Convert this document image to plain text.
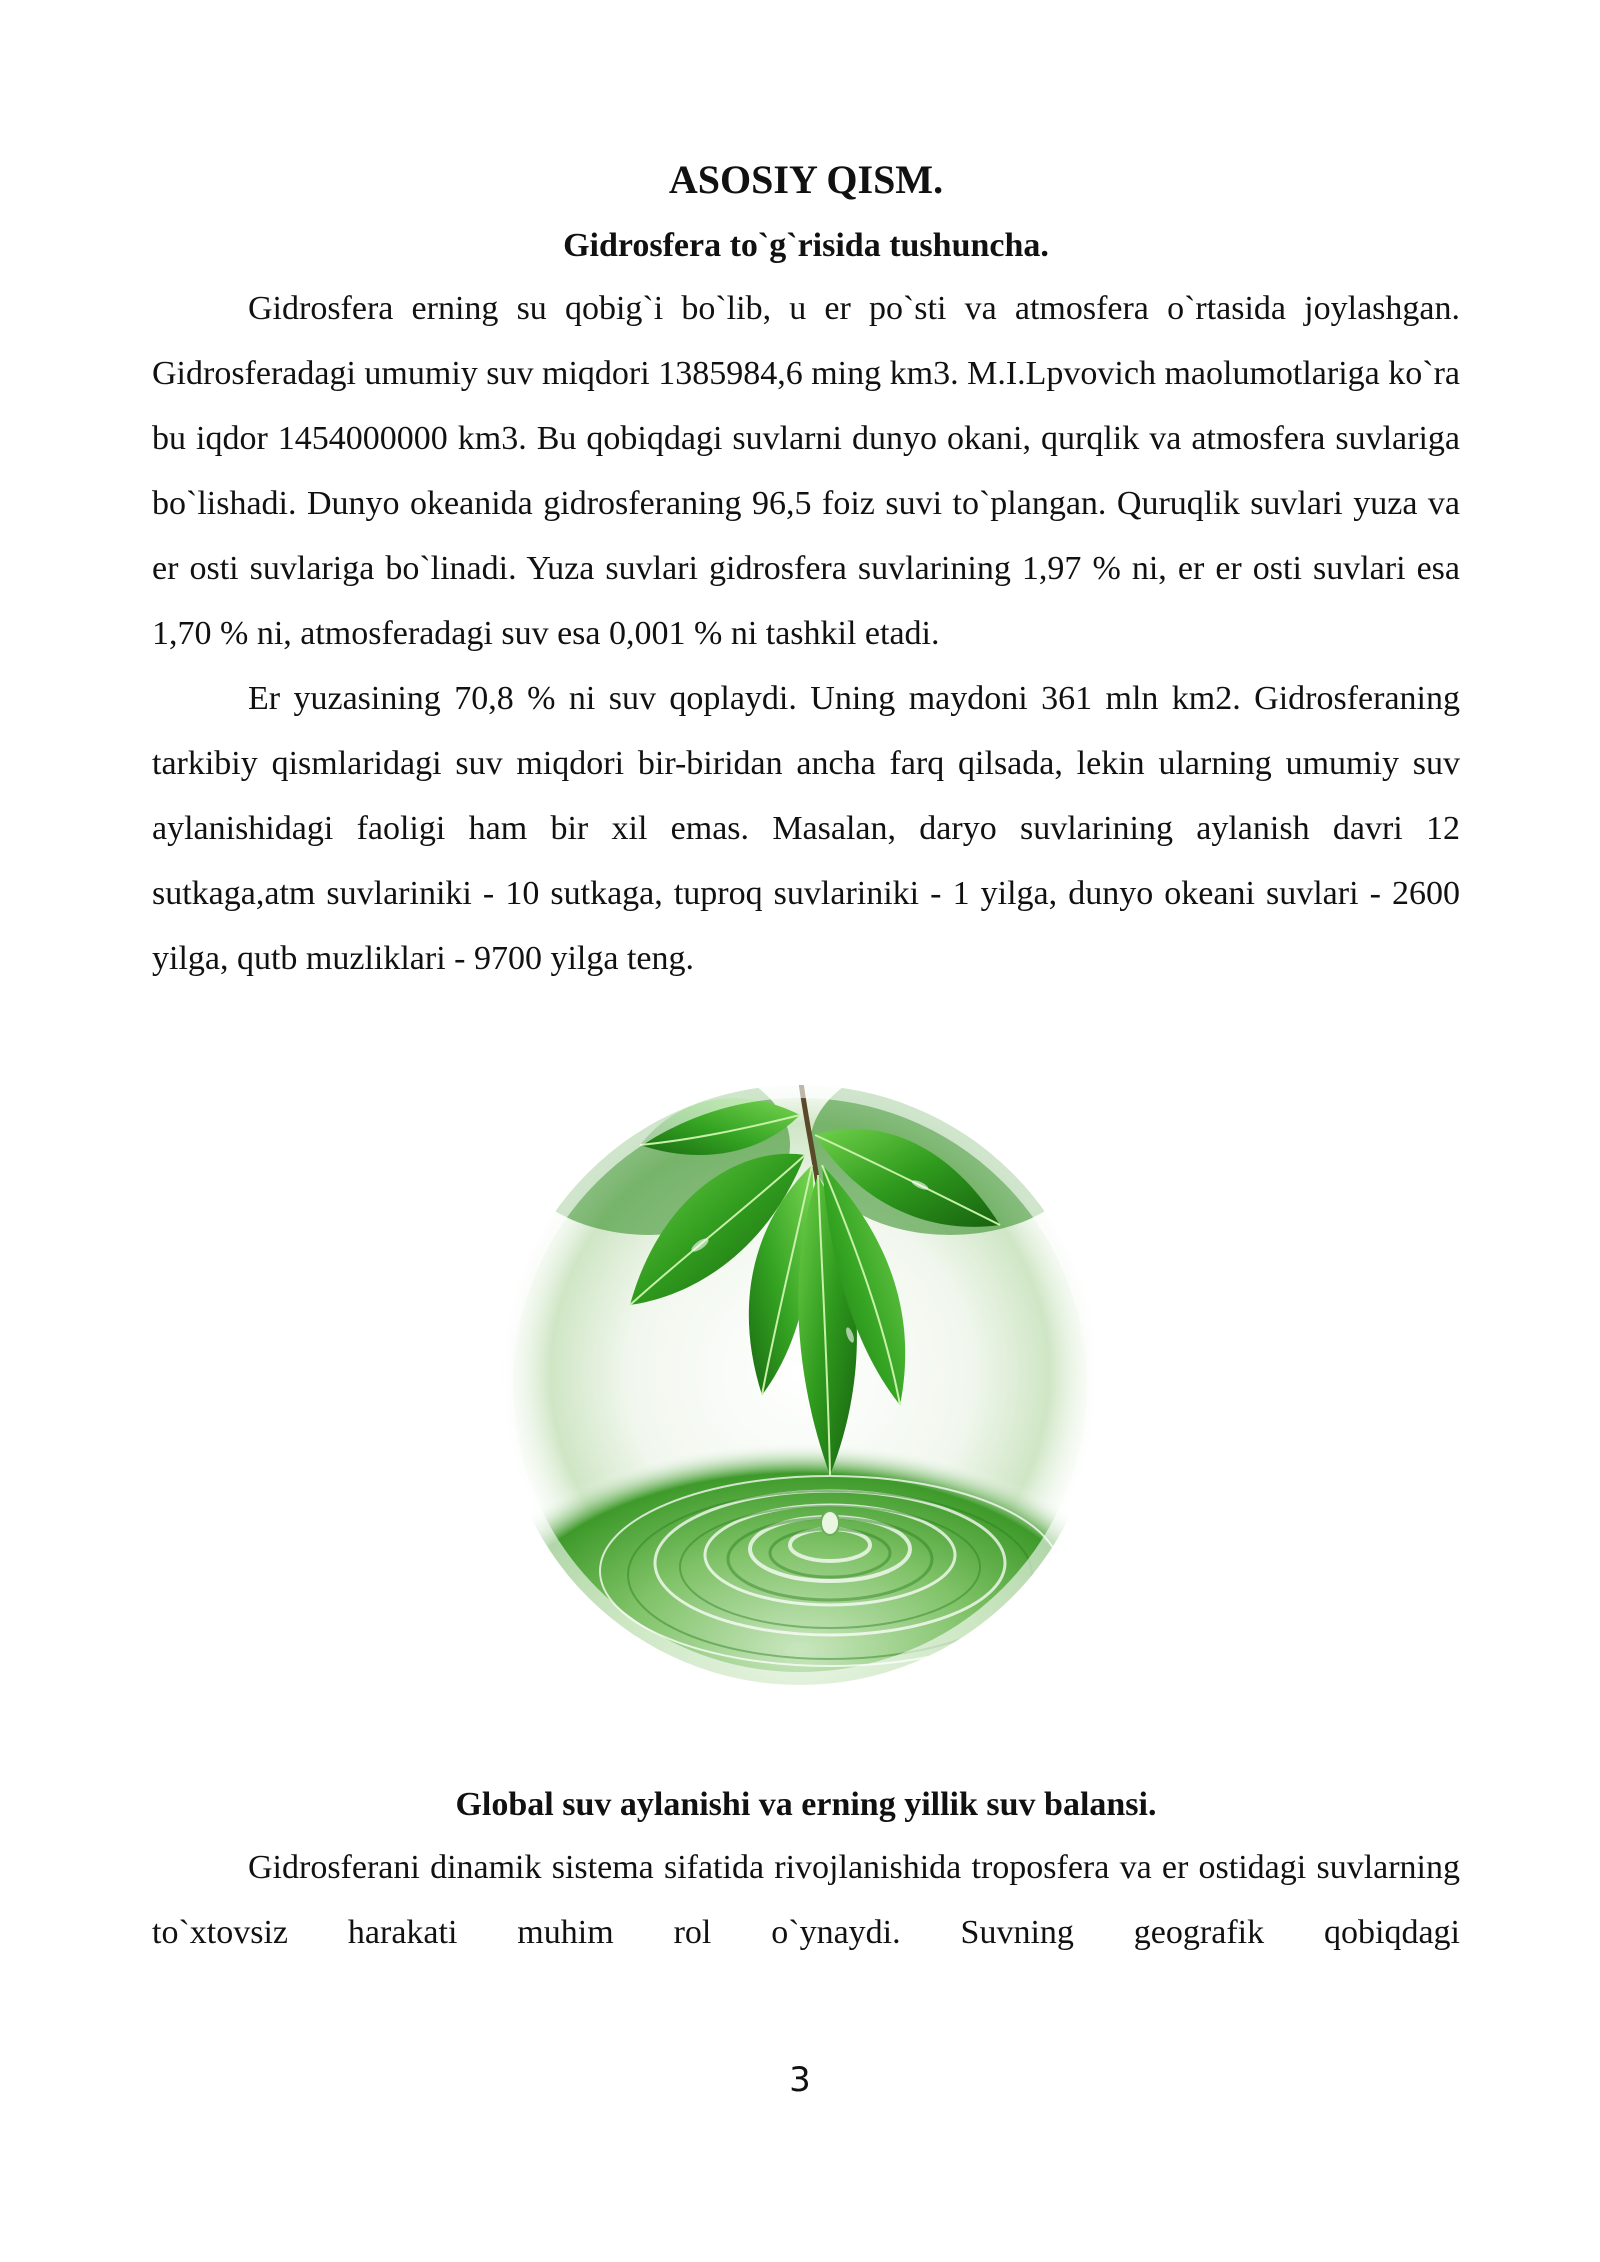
ASOSIY QISM.

Gidrosfera to`g`risida tushuncha.

Gidrosfera erning su qobig`i bo`lib, u er po`sti va atmosfera o`rtasida joylashgan. Gidrosferadagi umumiy suv miqdori 1385984,6 ming km3. M.I.Lpvovich maolumotlariga ko`ra bu iqdor 1454000000 km3. Bu qobiqdagi suvlarni dunyo okani, qurqlik va atmosfera suvlariga bo`lishadi. Dunyo okeanida gidrosferaning 96,5 foiz suvi to`plangan. Quruqlik suvlari yuza va er osti suvlariga bo`linadi. Yuza suvlari gidrosfera suvlarining 1,97 % ni, er er osti suvlari esa 1,70 % ni, atmosferadagi suv esa 0,001 % ni tashkil etadi.

Er yuzasining 70,8 % ni suv qoplaydi. Uning maydoni 361 mln km2. Gidrosferaning tarkibiy qismlaridagi suv miqdori bir-biridan ancha farq qilsada, lekin ularning umumiy suv aylanishidagi faoligi ham bir xil emas. Masalan, daryo suvlarining aylanish davri 12 sutkaga,atm suvlariniki - 10 sutkaga, tuproq suvlariniki - 1 yilga, dunyo okeani suvlari - 2600 yilga, qutb muzliklari - 9700 yilga teng.

Global suv aylanishi va erning yillik suv balansi.

Gidrosferani dinamik sistema sifatida rivojlanishida troposfera va er ostidagi suvlarning to`xtovsiz harakati muhim rol o`ynaydi. Suvning geografik qobiqdagi

3
